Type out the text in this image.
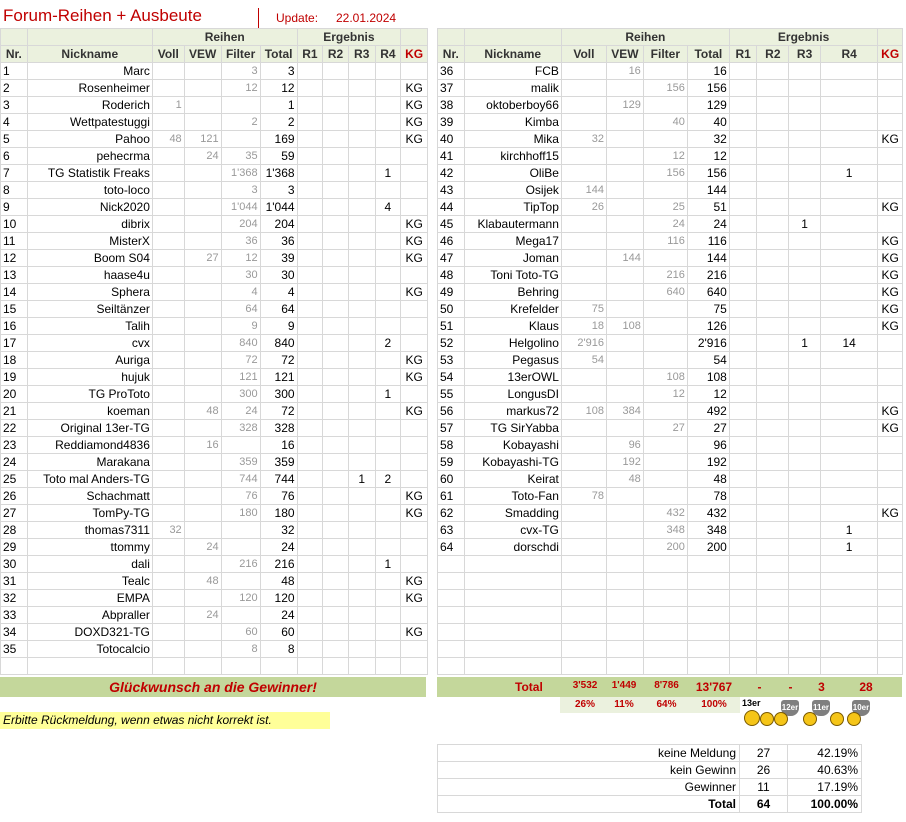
Forum-Reihen + Ausbeute	Update: 22.01.2024
		Reihen				Ergebnis				
Nr.	Nickname	Voll	VEW	Filter	Total	R1	R2	R3	R4	KG
1	Marc			3	3					
2	Rosenheimer			12	12					KG
3	Roderich	1			1					KG
4	Wettpatestuggi			2	2					KG
5	Pahoo	48	121		169					KG
6	pehecrma		24	35	59					
7	TG Statistik Freaks			1'368	1'368				1	
8	toto-loco			3	3					
9	Nick2020			1'044	1'044				4	
10	dibrix			204	204					KG
11	MisterX			36	36					KG
12	Boom S04		27	12	39					KG
13	haase4u			30	30					
14	Sphera			4	4					KG
15	Seiltänzer			64	64					
16	Talih			9	9					
17	cvx			840	840				2	
18	Auriga			72	72					KG
19	hujuk			121	121					KG
20	TG ProToto			300	300				1	
21	koeman		48	24	72					KG
22	Original 13er-TG			328	328					
23	Reddiamond4836		16		16					
24	Marakana			359	359					
25	Toto mal Anders-TG			744	744			1	2	
26	Schachmatt			76	76					KG
27	TomPy-TG			180	180					KG
28	thomas7311	32			32					
29	ttommy		24		24					
30	dali			216	216				1	
31	Tealc		48		48					KG
32	EMPA			120	120					KG
33	Abpraller		24		24					
34	DOXD321-TG			60	60					KG
35	Totocalcio			8	8					

		Reihen				Ergebnis				
Nr.	Nickname	Voll	VEW	Filter	Total	R1	R2	R3	R4	KG
36	FCB		16		16					
37	malik			156	156					
38	oktoberboy66		129		129					
39	Kimba			40	40					
40	Mika	32			32					KG
41	kirchhoff15			12	12					
42	OliBe			156	156				1	
43	Osijek	144			144					
44	TipTop	26		25	51					KG
45	Klabautermann			24	24			1		
46	Mega17			116	116					KG
47	Joman		144		144					KG
48	Toni Toto-TG			216	216					KG
49	Behring			640	640					KG
50	Krefelder	75			75					KG
51	Klaus	18	108		126					KG
52	Helgolino	2'916			2'916			1	14	
53	Pegasus	54			54					
54	13erOWL			108	108					
55	LongusDI			12	12					
56	markus72	108	384		492					KG
57	TG SirYabba			27	27					KG
58	Kobayashi		96		96					
59	Kobayashi-TG		192		192					
60	Keirat		48		48					
61	Toto-Fan	78			78					
62	Smadding			432	432					KG
63	cvx-TG			348	348				1	
64	dorschdi			200	200				1	

Glückwunsch an die Gewinner!	Total	3'532	1'449	8'786	13'767	-	-	3	28
26%	11%	64%	100%
Erbitte Rückmeldung, wenn etwas nicht korrekt ist.
13er	12er 11er	10er
keine Meldung	27	42.19%
kein Gewinn	26	40.63%
Gewinner	11	17.19%
Total	64	100.00%
